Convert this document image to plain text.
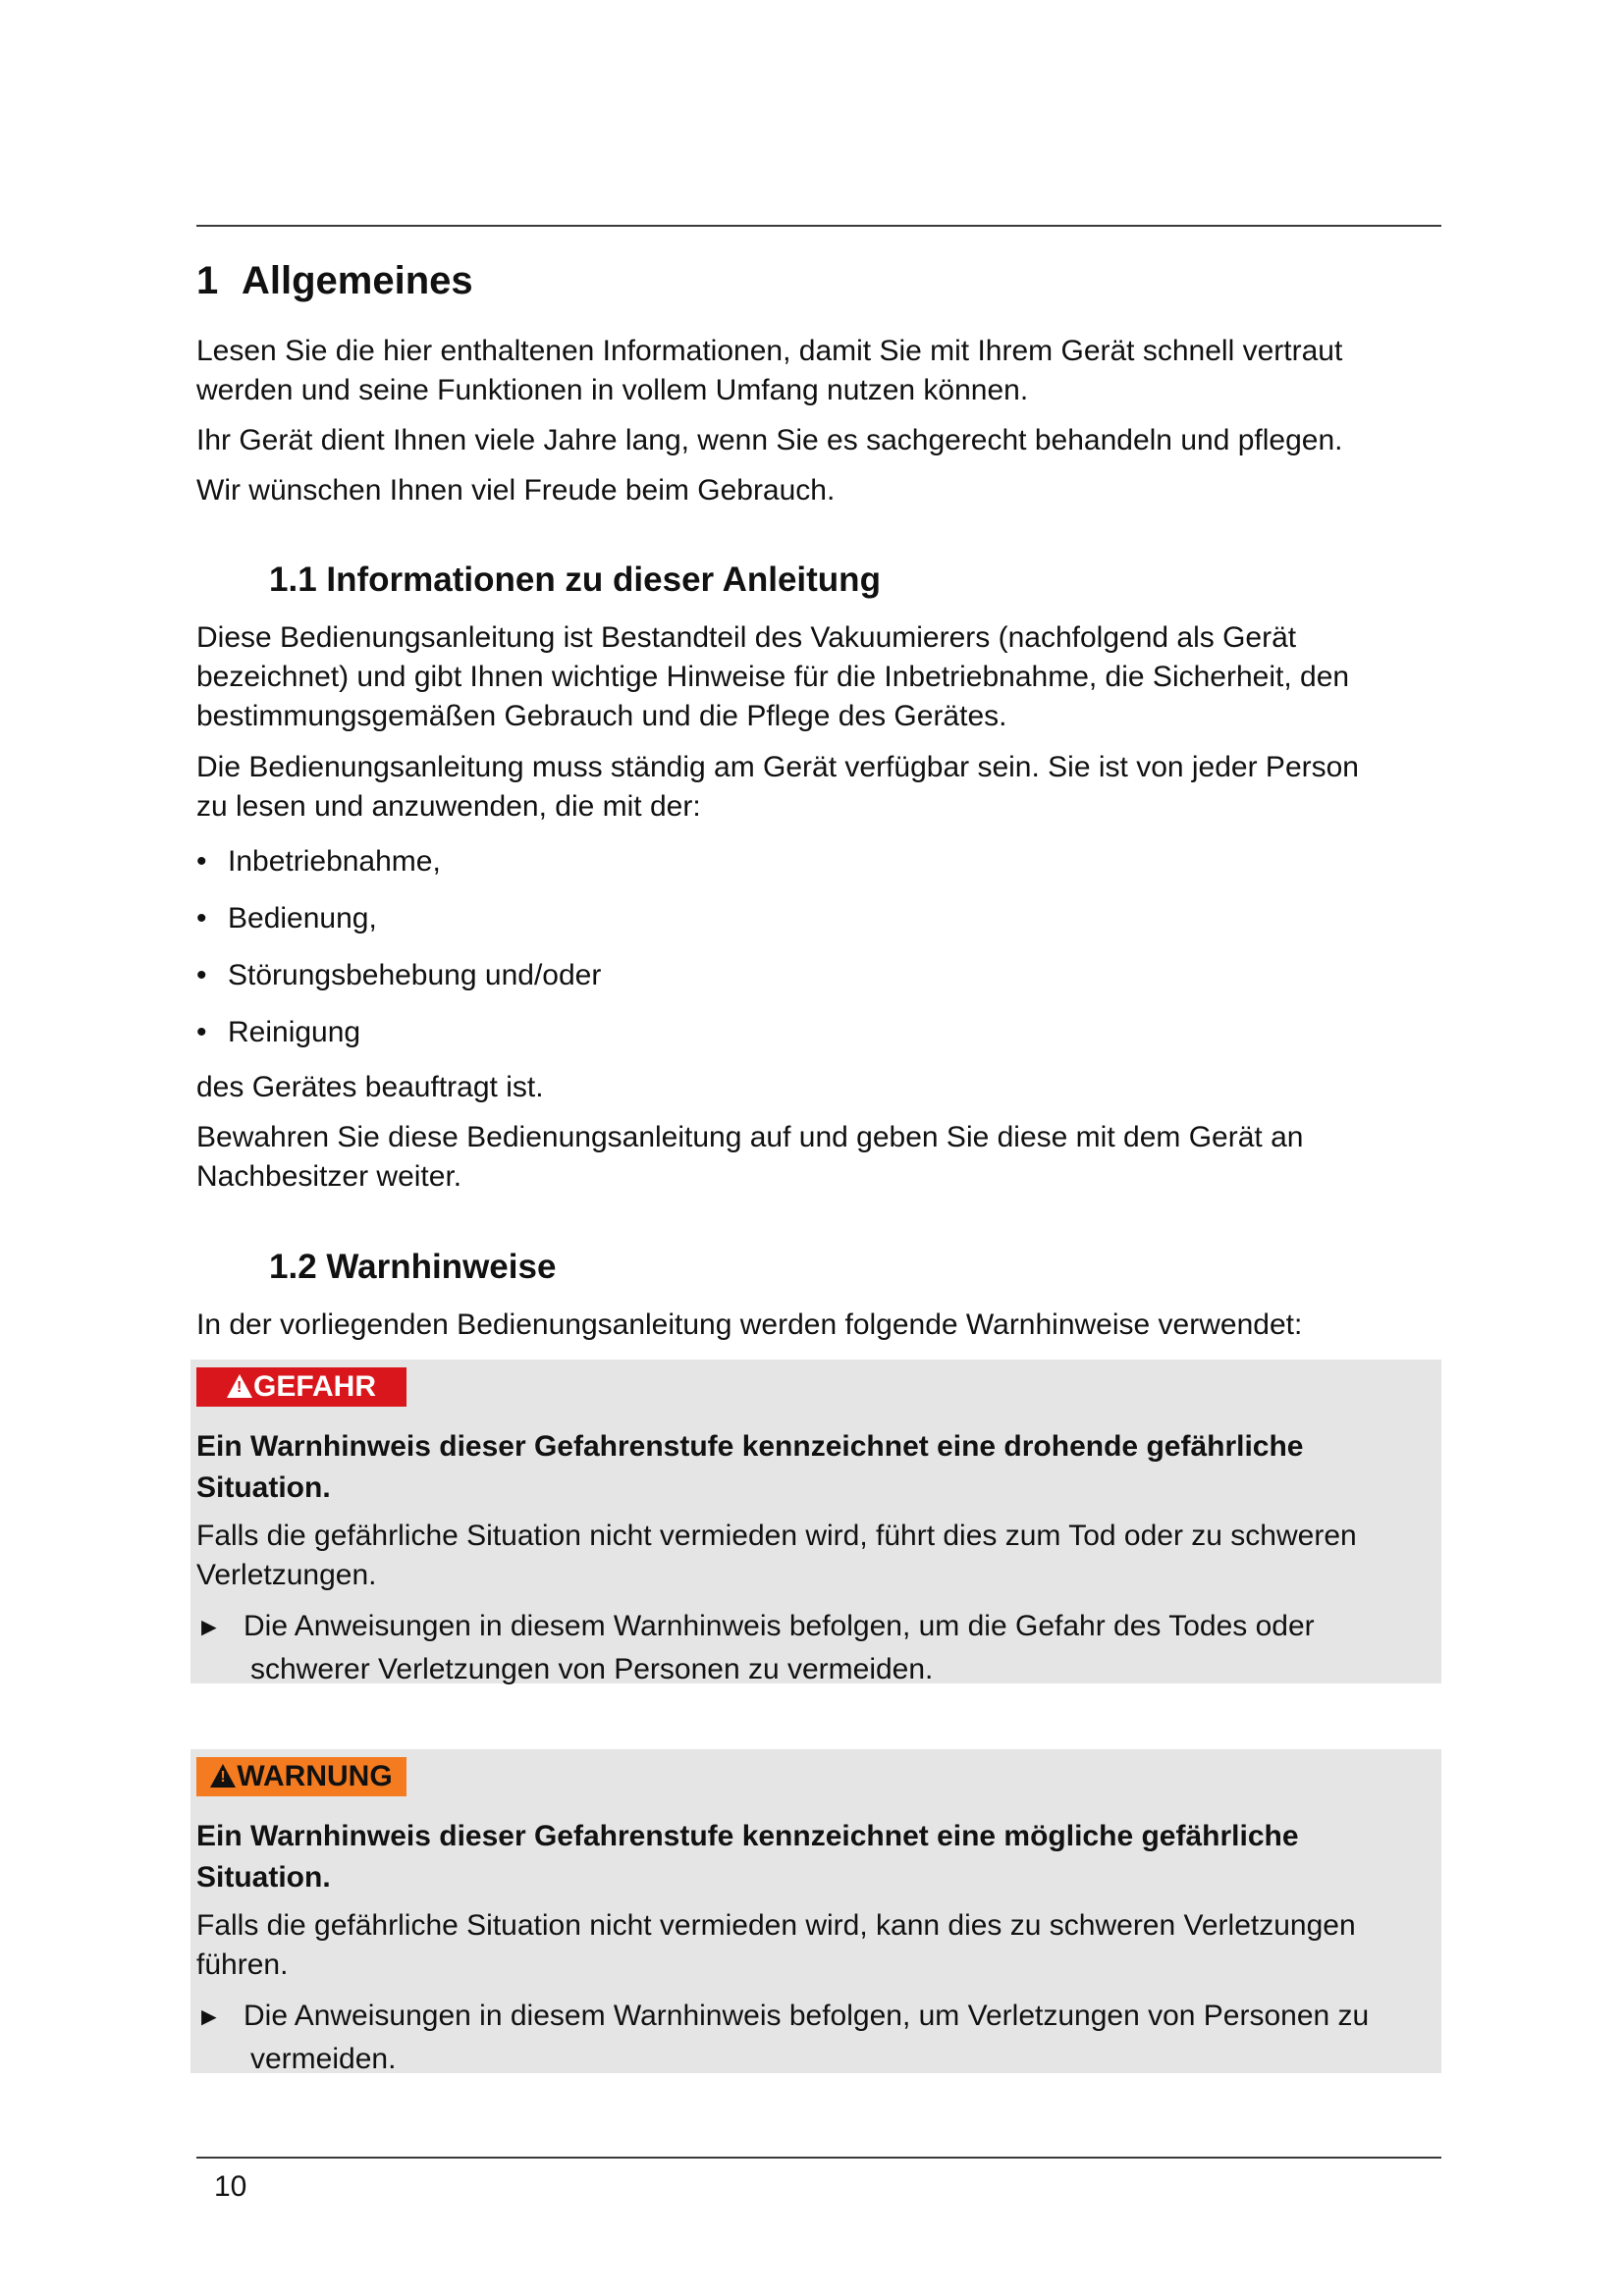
1 Allgemeines
Lesen Sie die hier enthaltenen Informationen, damit Sie mit Ihrem Gerät schnell vertraut
werden und seine Funktionen in vollem Umfang nutzen können.
Ihr Gerät dient Ihnen viele Jahre lang, wenn Sie es sachgerecht behandeln und pflegen.
Wir wünschen Ihnen viel Freude beim Gebrauch.
1.1 Informationen zu dieser Anleitung
Diese Bedienungsanleitung ist Bestandteil des Vakuumierers (nachfolgend als Gerät
bezeichnet) und gibt Ihnen wichtige Hinweise für die Inbetriebnahme, die Sicherheit, den
bestimmungsgemäßen Gebrauch und die Pflege des Gerätes.
Die Bedienungsanleitung muss ständig am Gerät verfügbar sein. Sie ist von jeder Person
zu lesen und anzuwenden, die mit der:
• Inbetriebnahme,
• Bedienung,
• Störungsbehebung und/oder
• Reinigung
des Gerätes beauftragt ist.
Bewahren Sie diese Bedienungsanleitung auf und geben Sie diese mit dem Gerät an
Nachbesitzer weiter.
1.2 Warnhinweise
In der vorliegenden Bedienungsanleitung werden folgende Warnhinweise verwendet:
! GEFAHR
Ein Warnhinweis dieser Gefahrenstufe kennzeichnet eine drohende gefährliche
Situation.
Falls die gefährliche Situation nicht vermieden wird, führt dies zum Tod oder zu schweren
Verletzungen.
► Die Anweisungen in diesem Warnhinweis befolgen, um die Gefahr des Todes oder
schwerer Verletzungen von Personen zu vermeiden.
! WARNUNG
Ein Warnhinweis dieser Gefahrenstufe kennzeichnet eine mögliche gefährliche
Situation.
Falls die gefährliche Situation nicht vermieden wird, kann dies zu schweren Verletzungen
führen.
► Die Anweisungen in diesem Warnhinweis befolgen, um Verletzungen von Personen zu
vermeiden.
10
